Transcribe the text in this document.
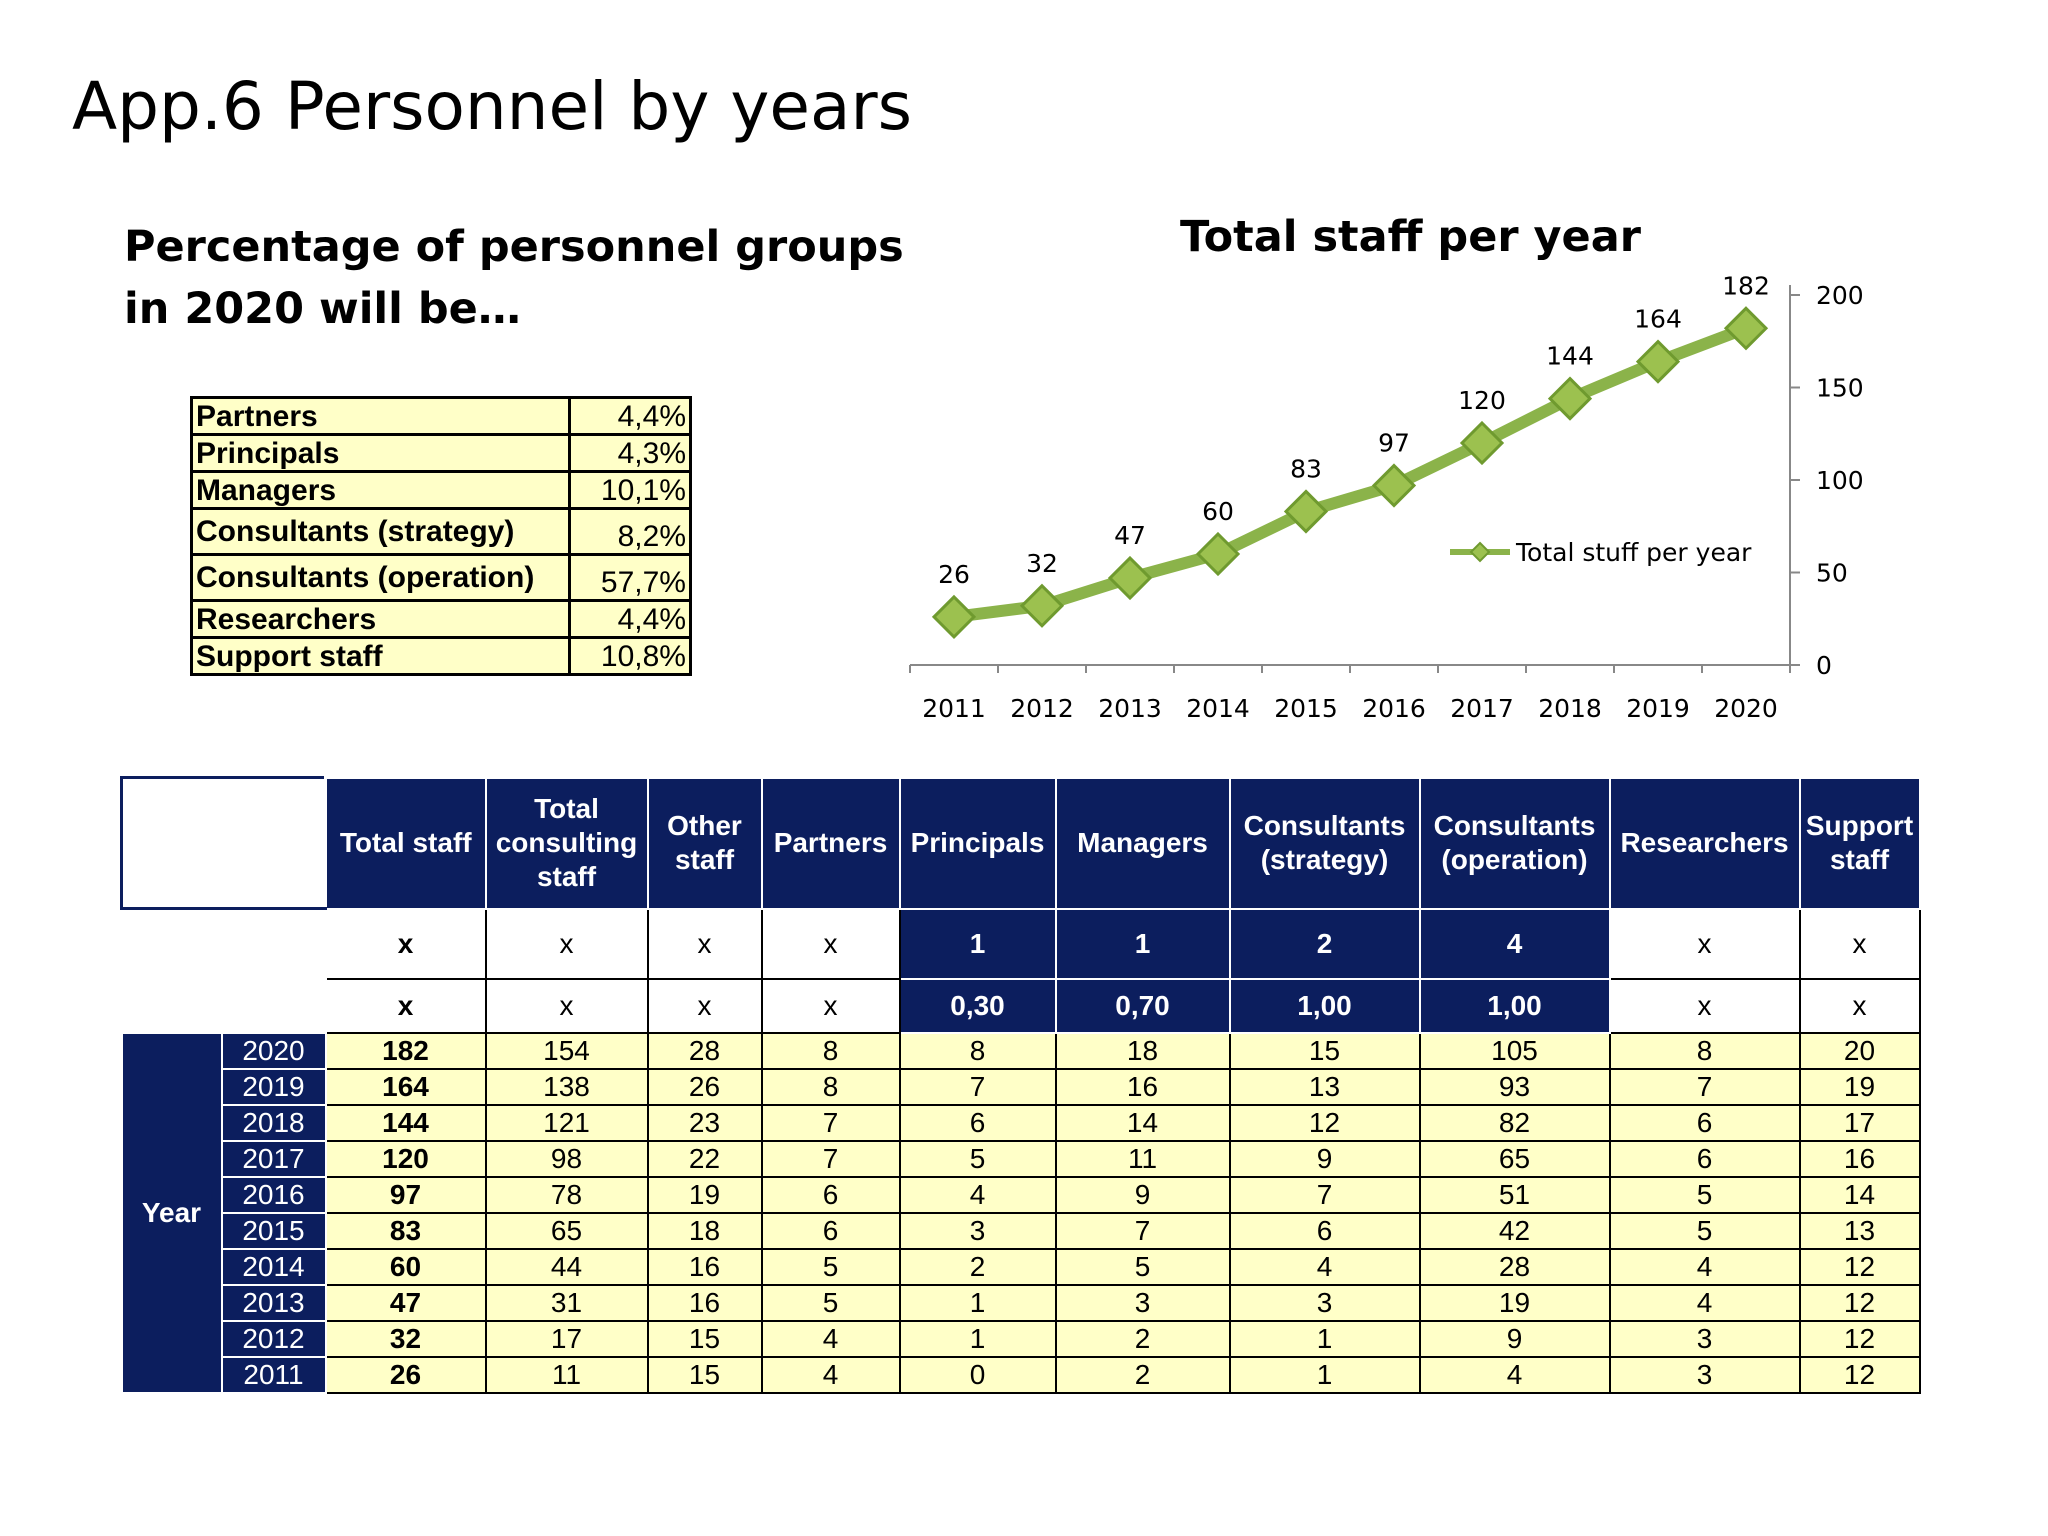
App.6 Personnel by years
Percentage of personnel groups in 2020 will be…
Partners	4,4%
Principals	4,3%
Managers	10,1%
Consultants (strategy)	8,2%
Consultants (operation)	57,7%
Researchers	4,4%
Support staff	10,8%
Total staff per year
2011 2012 2013 2014 2015 2016 2017 2018 2019 2020
0
50
100
150
200
26 32
47
60
83
97
120
144
164
182
Total stuff per year
		Total staff	Total consulting staff	Other staff	Partners	Principals	Managers	Consultants (strategy)	Consultants (operation)	Researchers	Support staff
Quantity per project		x	x	x	x	1	1	2	4	x	x
Utilization		x	x	x	x	0,30	0,70	1,00	1,00	x	x
Year	2020	182	154	28	8	8	18	15	105	8	20
	2019	164	138	26	8	7	16	13	93	7	19
	2018	144	121	23	7	6	14	12	82	6	17
	2017	120	98	22	7	5	11	9	65	6	16
	2016	97	78	19	6	4	9	7	51	5	14
	2015	83	65	18	6	3	7	6	42	5	13
	2014	60	44	16	5	2	5	4	28	4	12
	2013	47	31	16	5	1	3	3	19	4	12
	2012	32	17	15	4	1	2	1	9	3	12
	2011	26	11	15	4	0	2	1	4	3	12
